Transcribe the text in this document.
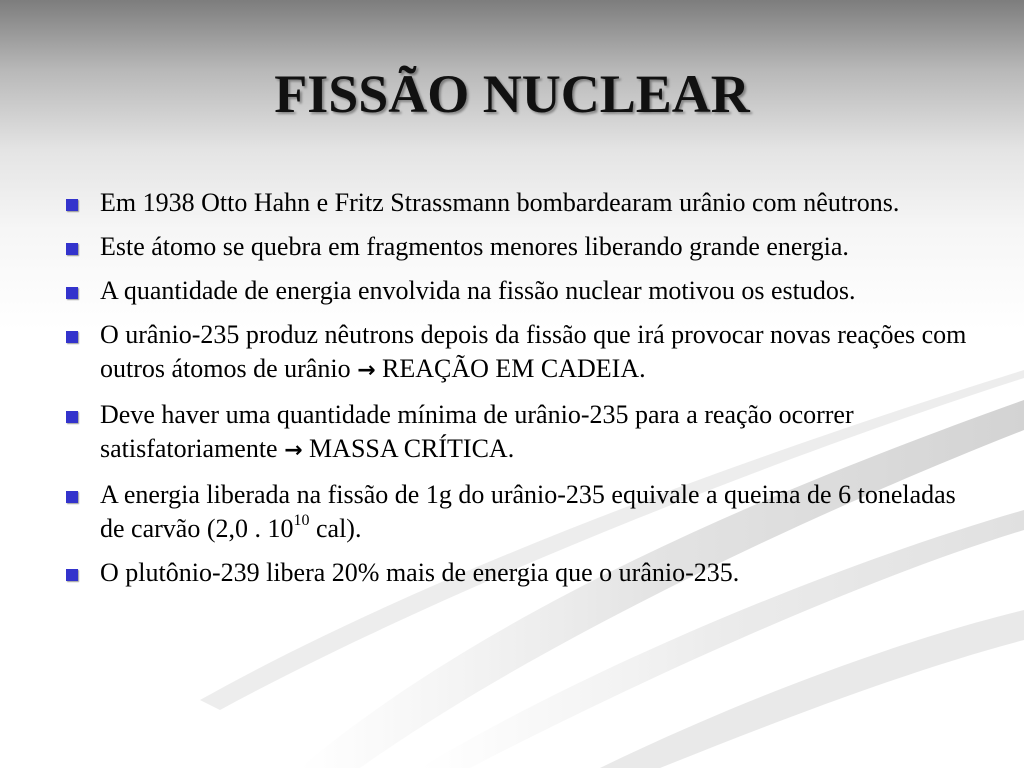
FISSÃO NUCLEAR
Em 1938 Otto Hahn e Fritz Strassmann bombardearam urânio com nêutrons.
Este átomo se quebra em fragmentos menores liberando grande energia.
A quantidade de energia envolvida na fissão nuclear motivou os estudos.
O urânio-235 produz nêutrons depois da fissão que irá provocar novas reações com outros átomos de urânio → REAÇÃO EM CADEIA.
Deve haver uma quantidade mínima de urânio-235 para a reação ocorrer satisfatoriamente → MASSA CRÍTICA.
A energia liberada na fissão de 1g do urânio-235 equivale a queima de 6 toneladas de carvão (2,0 . $10^{10}$ cal).
O plutônio-239 libera 20% mais de energia que o urânio-235.
